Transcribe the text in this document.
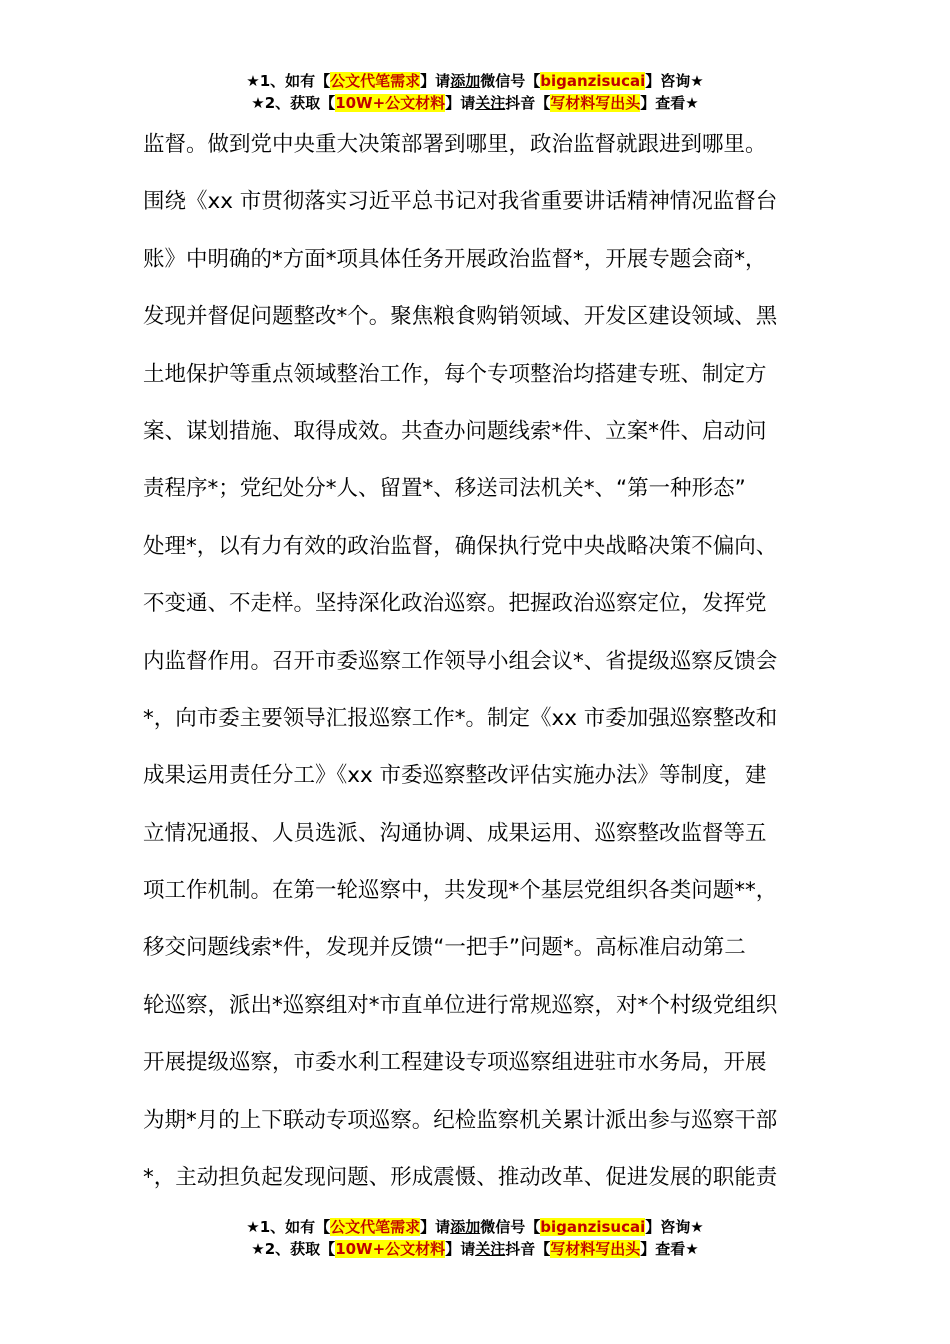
★1、如有【公文代笔需求】请添加微信号【biganzisucai】咨询★
★2、获取【10W+公文材料】请关注抖音【写材料写出头】查看★
监督。做到党中央重大决策部署到哪里，政治监督就跟进到哪里。
围绕《xx 市贯彻落实习近平总书记对我省重要讲话精神情况监督台
账》中明确的*方面*项具体任务开展政治监督*，开展专题会商*，
发现并督促问题整改*个。聚焦粮食购销领域、开发区建设领域、黑
土地保护等重点领域整治工作，每个专项整治均搭建专班、制定方
案、谋划措施、取得成效。共查办问题线索*件、立案*件、启动问
责程序*；党纪处分*人、留置*、移送司法机关*、“第一种形态”
处理*，以有力有效的政治监督，确保执行党中央战略决策不偏向、
不变通、不走样。坚持深化政治巡察。把握政治巡察定位，发挥党
内监督作用。召开市委巡察工作领导小组会议*、省提级巡察反馈会
*，向市委主要领导汇报巡察工作*。制定《xx 市委加强巡察整改和
成果运用责任分工》《xx 市委巡察整改评估实施办法》等制度，建
立情况通报、人员选派、沟通协调、成果运用、巡察整改监督等五
项工作机制。在第一轮巡察中，共发现*个基层党组织各类问题**，
移交问题线索*件，发现并反馈“一把手”问题*。高标准启动第二
轮巡察，派出*巡察组对*市直单位进行常规巡察，对*个村级党组织
开展提级巡察，市委水利工程建设专项巡察组进驻市水务局，开展
为期*月的上下联动专项巡察。纪检监察机关累计派出参与巡察干部
*，主动担负起发现问题、形成震慑、推动改革、促进发展的职能责
★1、如有【公文代笔需求】请添加微信号【biganzisucai】咨询★
★2、获取【10W+公文材料】请关注抖音【写材料写出头】查看★
